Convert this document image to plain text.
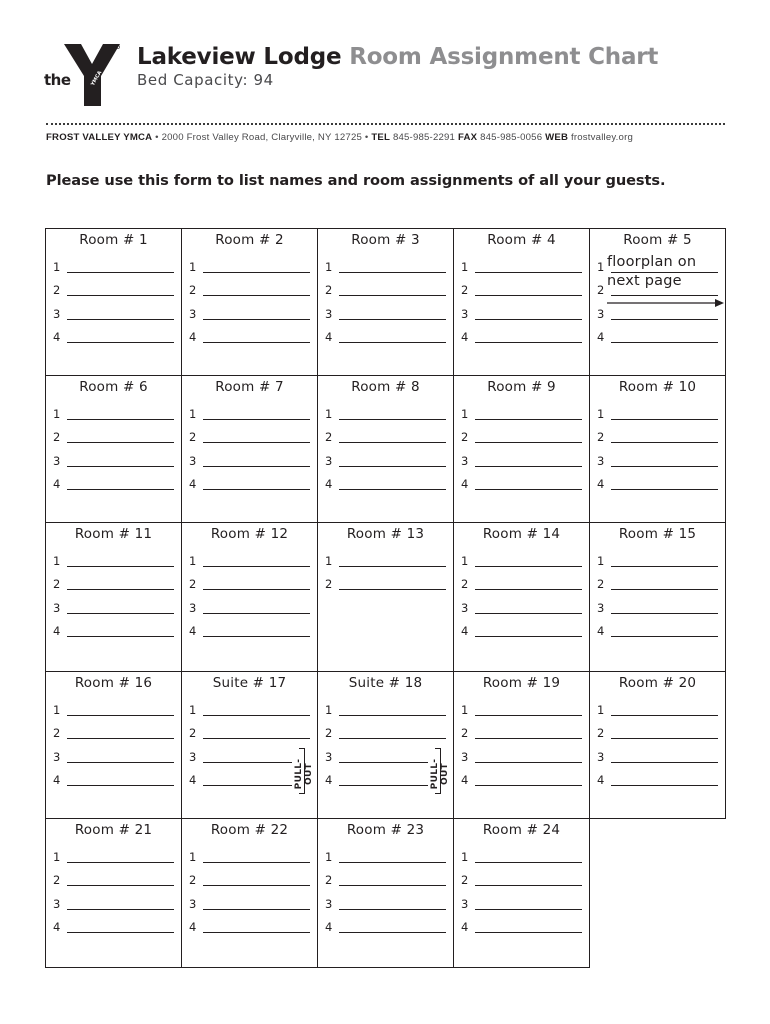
the	YMCA
Lakeview Lodge Room Assignment Chart
Bed Capacity: 94
FROST VALLEY YMCA • 2000 Frost Valley Road, Claryville, NY 12725 • TEL 845-985-2291 FAX 845-985-0056 WEB frostvalley.org
Please use this form to list names and room assignments of all your guests.
Room # 24
1
2
3
4
Room # 23
1
2
3
4
Room # 22
1
2
3
4
Room # 21
1
2
3
4
Room # 20
1
2
3
4
Room # 19
1
2
3
4
Suite # 18
1
2
3
4	PULL-OUT
Suite # 17
1
2
3
4	PULL-OUT
Room # 16
1
2
3
4
Room # 15
1
2
3
4
Room # 14
1
2
3
4
Room # 13
1
2
Room # 12
1
2
3
4
Room # 11
1
2
3
4
Room # 10
1
2
3
4
Room # 9
1
2
3
4
Room # 8
1
2
3
4
Room # 7
1
2
3
4
Room # 6
1
2
3
4
Room # 5
1
2
3
4
Room # 4
1
2
3
4
Room # 3
1
2
3
4
Room # 2
1
2
3
4
Room # 1
1
2
3
4
floorplan on
next page
